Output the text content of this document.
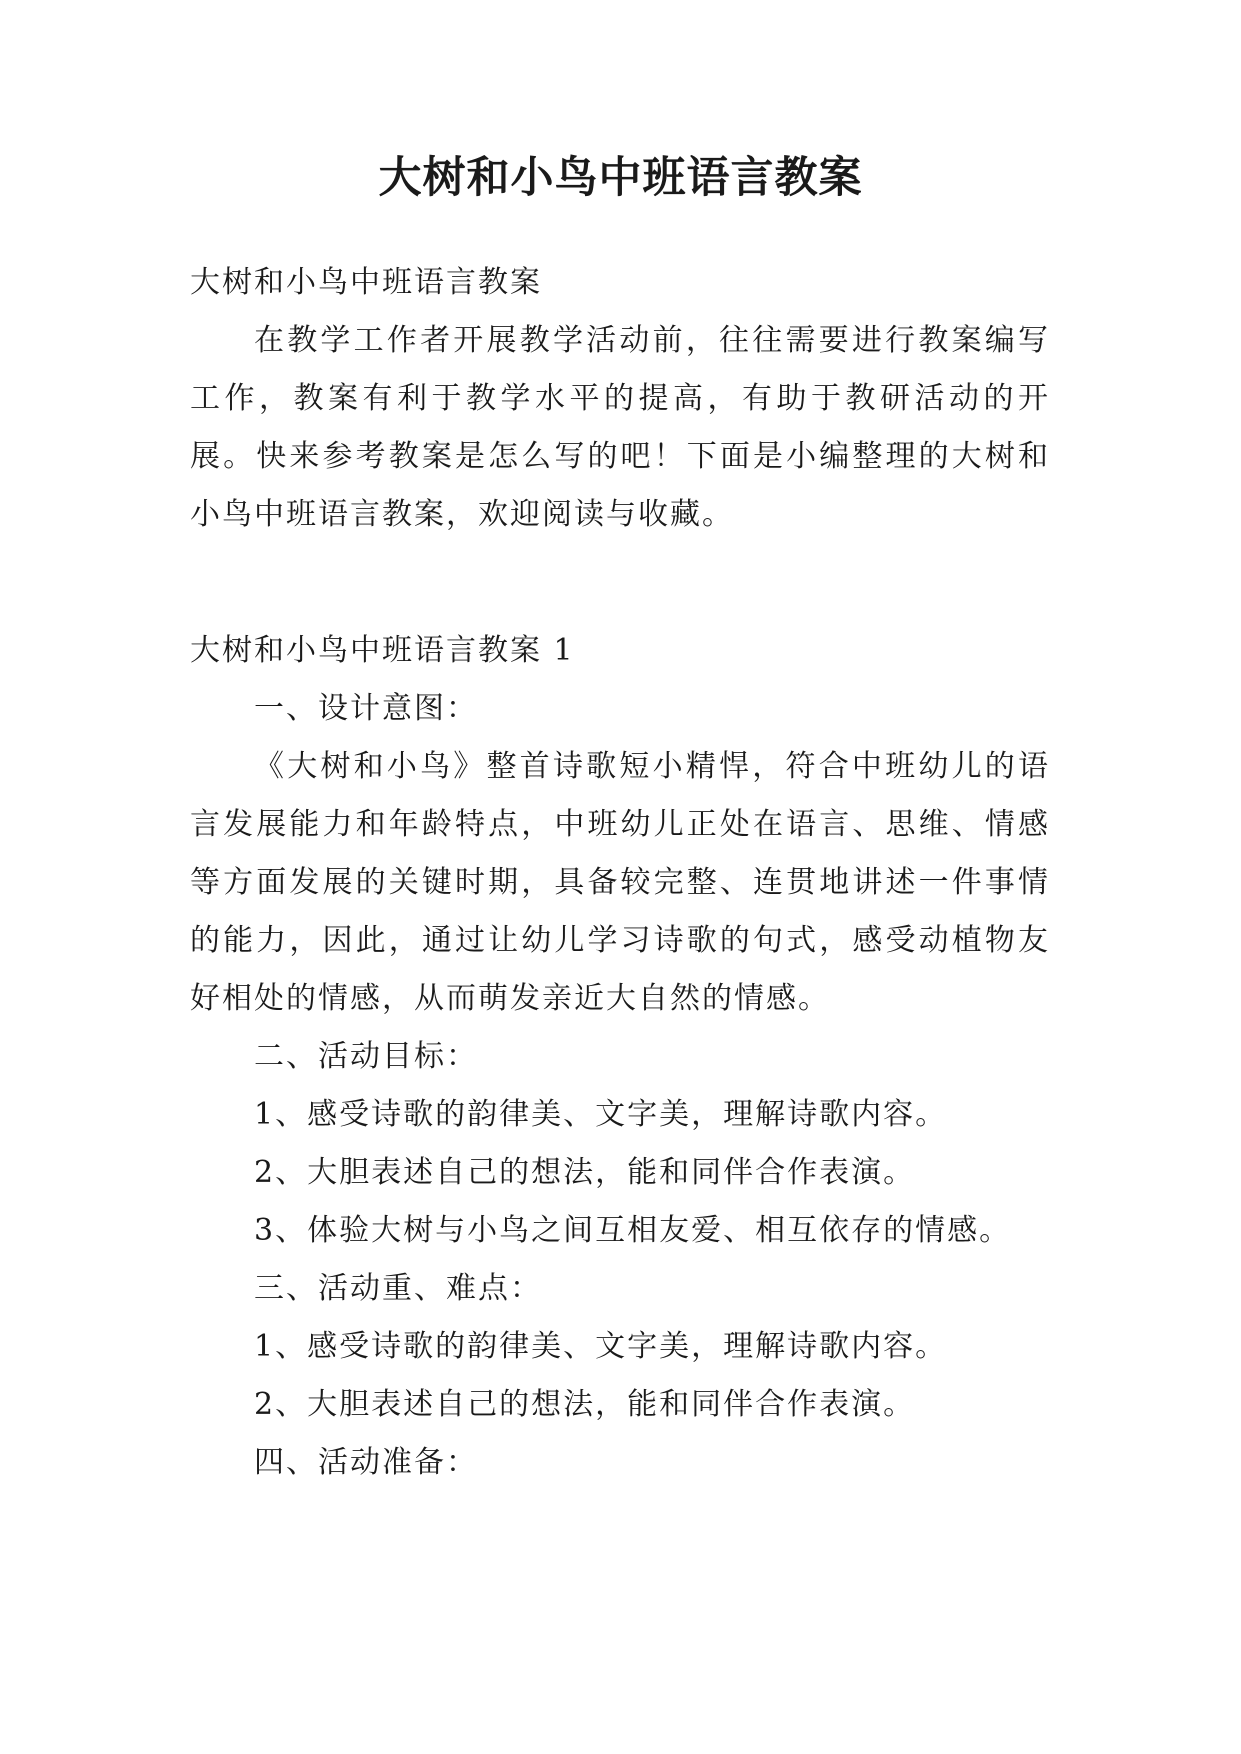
大树和小鸟中班语言教案
大树和小鸟中班语言教案

在教学工作者开展教学活动前，往往需要进行教案编写工作，教案有利于教学水平的提高，有助于教研活动的开展。快来参考教案是怎么写的吧！下面是小编整理的大树和小鸟中班语言教案，欢迎阅读与收藏。

大树和小鸟中班语言教案 1
一、设计意图：

《大树和小鸟》整首诗歌短小精悍，符合中班幼儿的语言发展能力和年龄特点，中班幼儿正处在语言、思维、情感等方面发展的关键时期，具备较完整、连贯地讲述一件事情的能力，因此，通过让幼儿学习诗歌的句式，感受动植物友好相处的情感，从而萌发亲近大自然的情感。

二、活动目标：
1、感受诗歌的韵律美、文字美，理解诗歌内容。
2、大胆表述自己的想法，能和同伴合作表演。
3、体验大树与小鸟之间互相友爱、相互依存的情感。
三、活动重、难点：
1、感受诗歌的韵律美、文字美，理解诗歌内容。
2、大胆表述自己的想法，能和同伴合作表演。
四、活动准备：
